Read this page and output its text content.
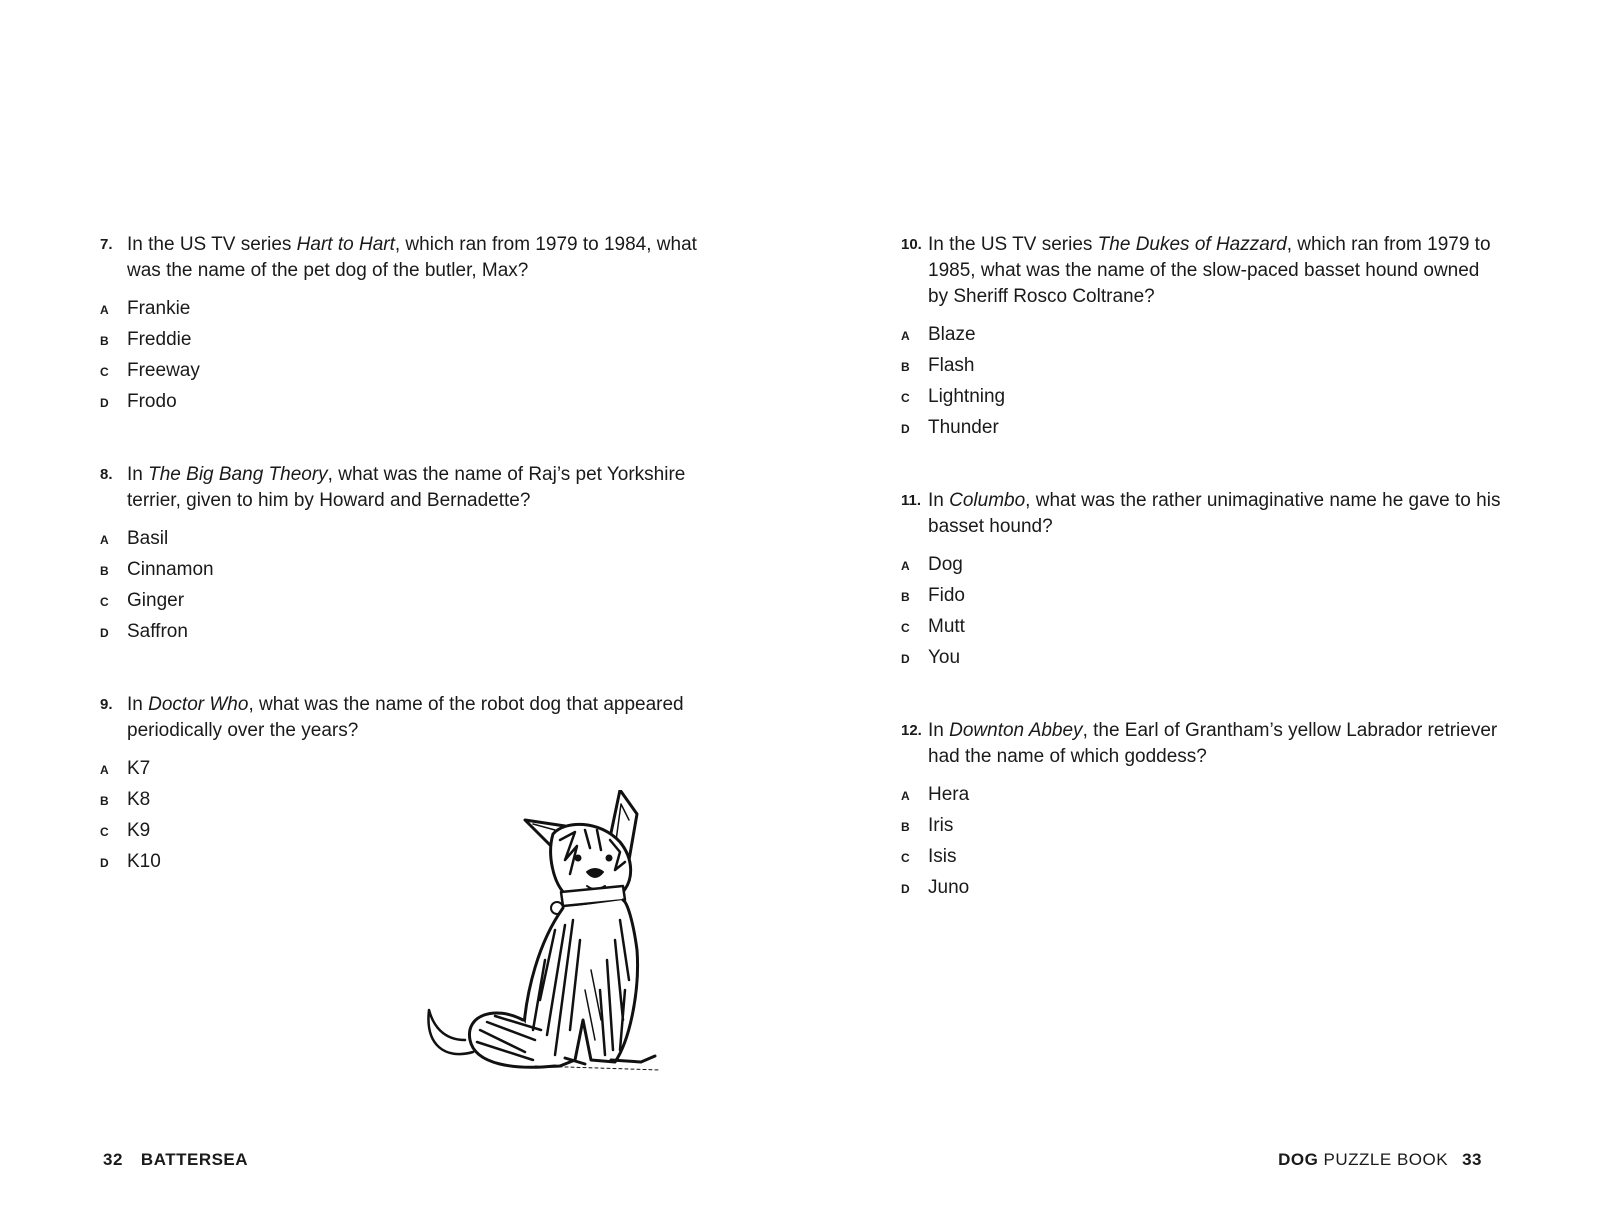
7. In the US TV series Hart to Hart, which ran from 1979 to 1984, what was the name of the pet dog of the butler, Max?
A Frankie
B Freddie
C Freeway
D Frodo
8. In The Big Bang Theory, what was the name of Raj’s pet Yorkshire terrier, given to him by Howard and Bernadette?
A Basil
B Cinnamon
C Ginger
D Saffron
9. In Doctor Who, what was the name of the robot dog that appeared periodically over the years?
A K7
B K8
C K9
D K10
10. In the US TV series The Dukes of Hazzard, which ran from 1979 to 1985, what was the name of the slow-paced basset hound owned by Sheriff Rosco Coltrane?
A Blaze
B Flash
C Lightning
D Thunder
11. In Columbo, what was the rather unimaginative name he gave to his basset hound?
A Dog
B Fido
C Mutt
D You
12. In Downton Abbey, the Earl of Grantham’s yellow Labrador retriever had the name of which goddess?
A Hera
B Iris
C Isis
D Juno
32 BATTERSEA	DOG PUZZLE BOOK 33
